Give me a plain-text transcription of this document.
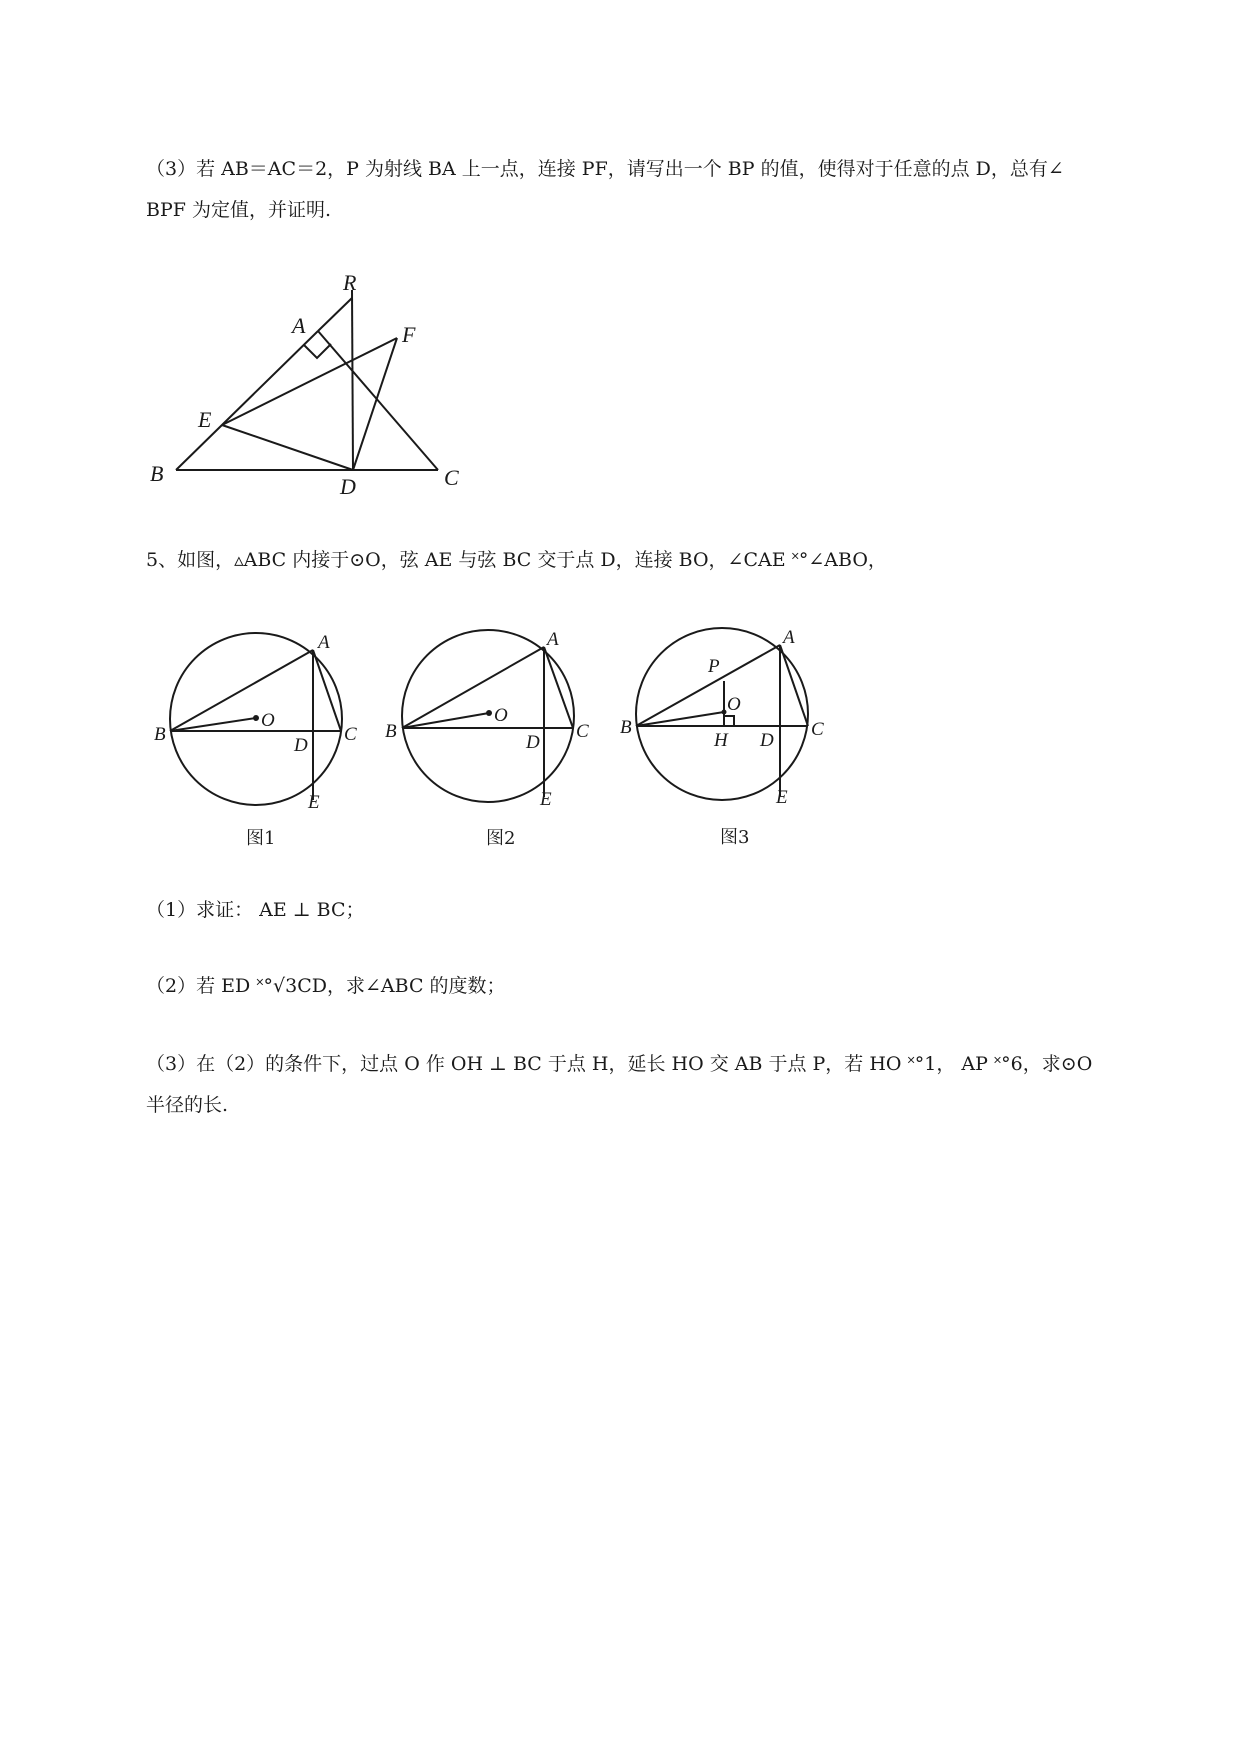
（3）若 AB＝AC＝2，P 为射线 BA 上一点，连接 PF，请写出一个 BP 的值，使得对于任意的点 D，总有∠
BPF 为定值，并证明.
R
A	F
E
B
D	C
5、如图，▵ABC 内接于⊙O，弦 AE 与弦 BC 交于点 D，连接 BO，∠CAE ˟°∠ABO，
A
B	C
D
E
O
图1
A
B	C
D
E
O
图2
A
B	C
D
E
O
P
H
图3
（1）求证： AE ⊥ BC；
（2）若 ED ˟°√3CD，求∠ABC 的度数；
（3）在（2）的条件下，过点 O 作 OH ⊥ BC 于点 H，延长 HO 交 AB 于点 P，若 HO ˟°1， AP ˟°6，求⊙O
半径的长.
